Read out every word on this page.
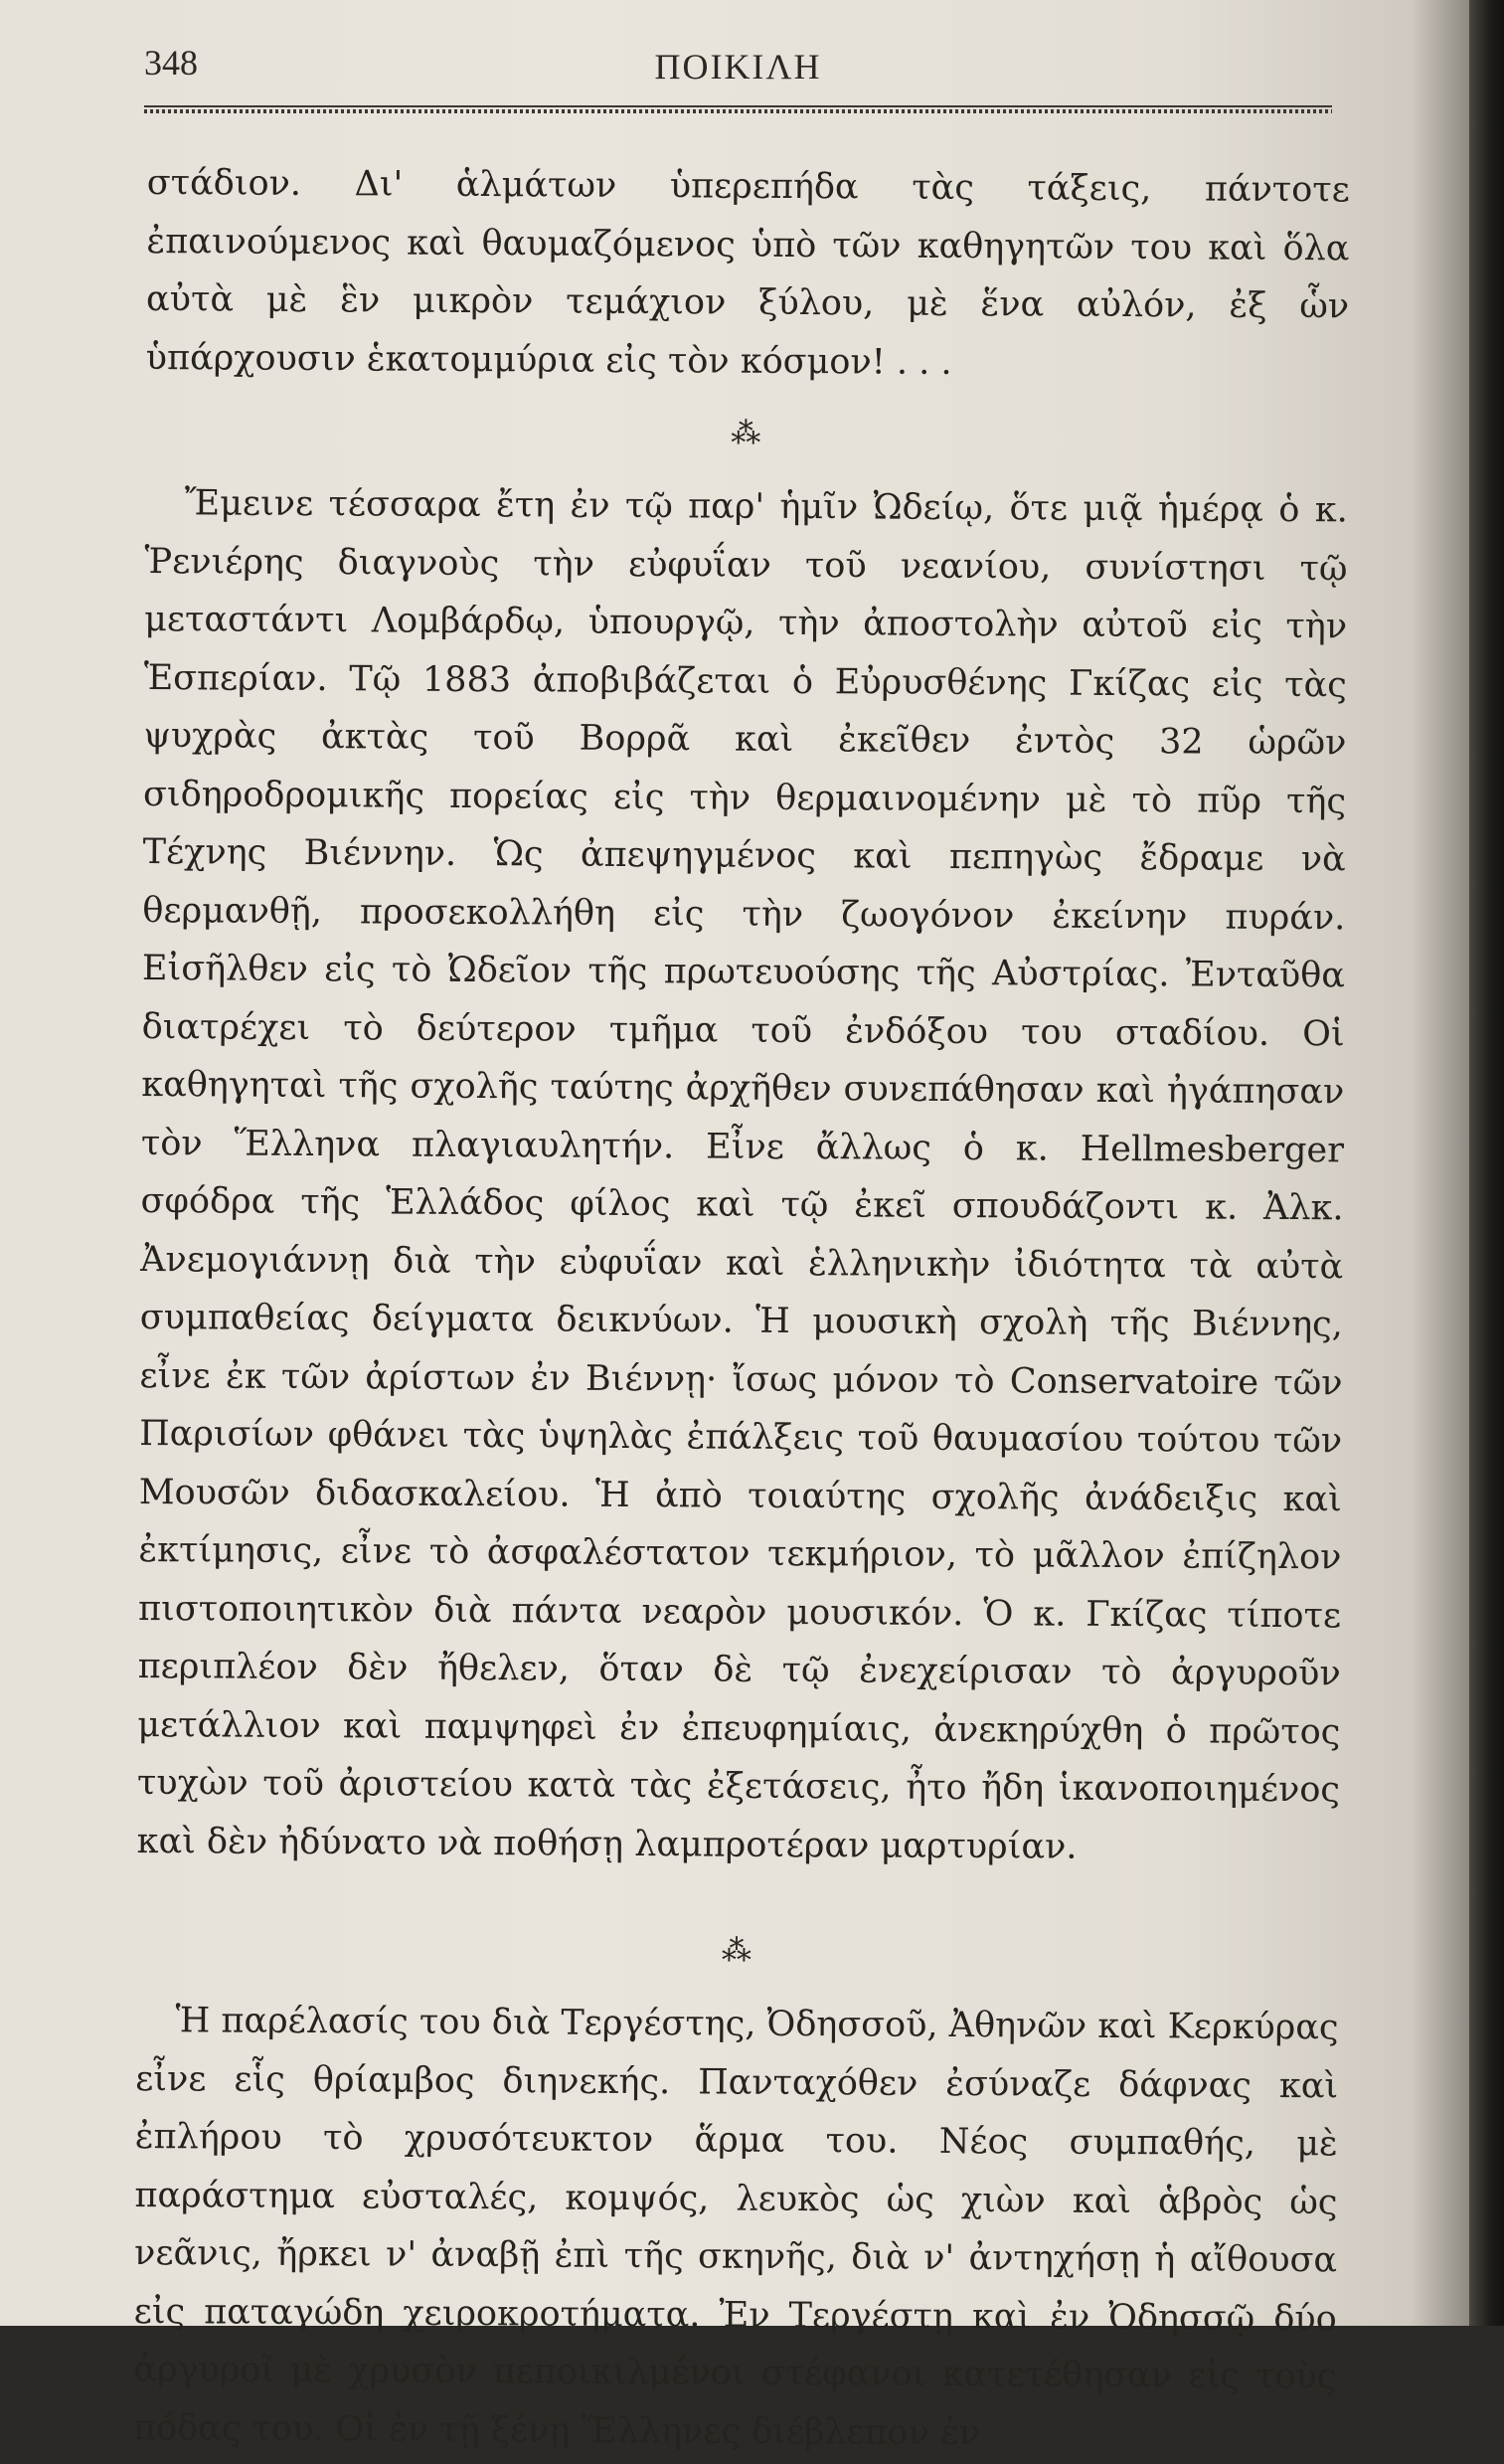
348	ΠΟΙΚΙΛΗ

στάδιον. Δι' ἁλμάτων ὑπερεπήδα τὰς τάξεις, πάντοτε ἐπαινούμενος καὶ θαυμαζόμενος ὑπὸ τῶν καθηγητῶν του καὶ ὅλα αὐτὰ μὲ ἓν μικρὸν τεμάχιον ξύλου, μὲ ἕνα αὐλόν, ἐξ ὧν ὑπάρχουσιν ἑκατομμύρια εἰς τὸν κόσμον! . . .

⁂

Ἔμεινε τέσσαρα ἔτη ἐν τῷ παρ' ἡμῖν Ὠδείῳ, ὅτε μιᾷ ἡμέρᾳ ὁ κ. Ῥενιέρης διαγνοὺς τὴν εὐφυΐαν τοῦ νεανίου, συνίστησι τῷ μεταστάντι Λομβάρδῳ, ὑπουργῷ, τὴν ἀποστολὴν αὐτοῦ εἰς τὴν Ἑσπερίαν. Τῷ 1883 ἀποβιβάζεται ὁ Εὐρυσθένης Γκίζας εἰς τὰς ψυχρὰς ἀκτὰς τοῦ Βορρᾶ καὶ ἐκεῖθεν ἐντὸς 32 ὡρῶν σιδηροδρομικῆς πορείας εἰς τὴν θερμαινομένην μὲ τὸ πῦρ τῆς Τέχνης Βιέννην. Ὡς ἀπεψηγμένος καὶ πεπηγὼς ἔδραμε νὰ θερμανθῇ, προσεκολλήθη εἰς τὴν ζωογόνον ἐκείνην πυράν. Εἰσῆλθεν εἰς τὸ Ὠδεῖον τῆς πρωτευούσης τῆς Αὐστρίας. Ἐνταῦθα διατρέχει τὸ δεύτερον τμῆμα τοῦ ἐνδόξου του σταδίου. Οἱ καθηγηταὶ τῆς σχολῆς ταύτης ἀρχῆθεν συνεπάθησαν καὶ ἠγάπησαν τὸν Ἕλληνα πλαγιαυλητήν. Εἶνε ἄλλως ὁ κ. Hellmesberger σφόδρα τῆς Ἑλλάδος φίλος καὶ τῷ ἐκεῖ σπουδάζοντι κ. Ἀλκ. Ἀνεμογιάννῃ διὰ τὴν εὐφυΐαν καὶ ἑλληνικὴν ἰδιότητα τὰ αὐτὰ συμπαθείας δείγματα δεικνύων. Ἡ μουσικὴ σχολὴ τῆς Βιέννης, εἶνε ἐκ τῶν ἀρίστων ἐν Βιέννῃ· ἴσως μόνον τὸ Conservatoire τῶν Παρισίων φθάνει τὰς ὑψηλὰς ἐπάλξεις τοῦ θαυμασίου τούτου τῶν Μουσῶν διδασκαλείου. Ἡ ἀπὸ τοιαύτης σχολῆς ἀνάδειξις καὶ ἐκτίμησις, εἶνε τὸ ἀσφαλέστατον τεκμήριον, τὸ μᾶλλον ἐπίζηλον πιστοποιητικὸν διὰ πάντα νεαρὸν μουσικόν. Ὁ κ. Γκίζας τίποτε περιπλέον δὲν ἤθελεν, ὅταν δὲ τῷ ἐνεχείρισαν τὸ ἀργυροῦν μετάλλιον καὶ παμψηφεὶ ἐν ἐπευφημίαις, ἀνεκηρύχθη ὁ πρῶτος τυχὼν τοῦ ἀριστείου κατὰ τὰς ἐξετάσεις, ἦτο ἤδη ἱκανοποιημένος καὶ δὲν ἠδύνατο νὰ ποθήσῃ λαμπροτέραν μαρτυρίαν.

⁂

Ἡ παρέλασίς του διὰ Τεργέστης, Ὀδησσοῦ, Ἀθηνῶν καὶ Κερκύρας εἶνε εἷς θρίαμβος διηνεκής. Πανταχόθεν ἐσύναζε δάφνας καὶ ἐπλήρου τὸ χρυσότευκτον ἅρμα του. Νέος συμπαθής, μὲ παράστημα εὐσταλές, κομψός, λευκὸς ὡς χιὼν καὶ ἁβρὸς ὡς νεᾶνις, ἤρκει ν' ἀναβῇ ἐπὶ τῆς σκηνῆς, διὰ ν' ἀντηχήσῃ ἡ αἴθουσα εἰς παταγώδη χειροκροτήματα. Ἐν Τεργέστῃ καὶ ἐν Ὀδησσῷ δύο ἀργυροῖ μὲ χρυσὸν πεποικιλμένοι στέφανοι κατετέθησαν εἰς τοὺς πόδας του. Οἱ ἐν τῇ ξένῃ Ἕλληνες διέβλεπον ἐν
